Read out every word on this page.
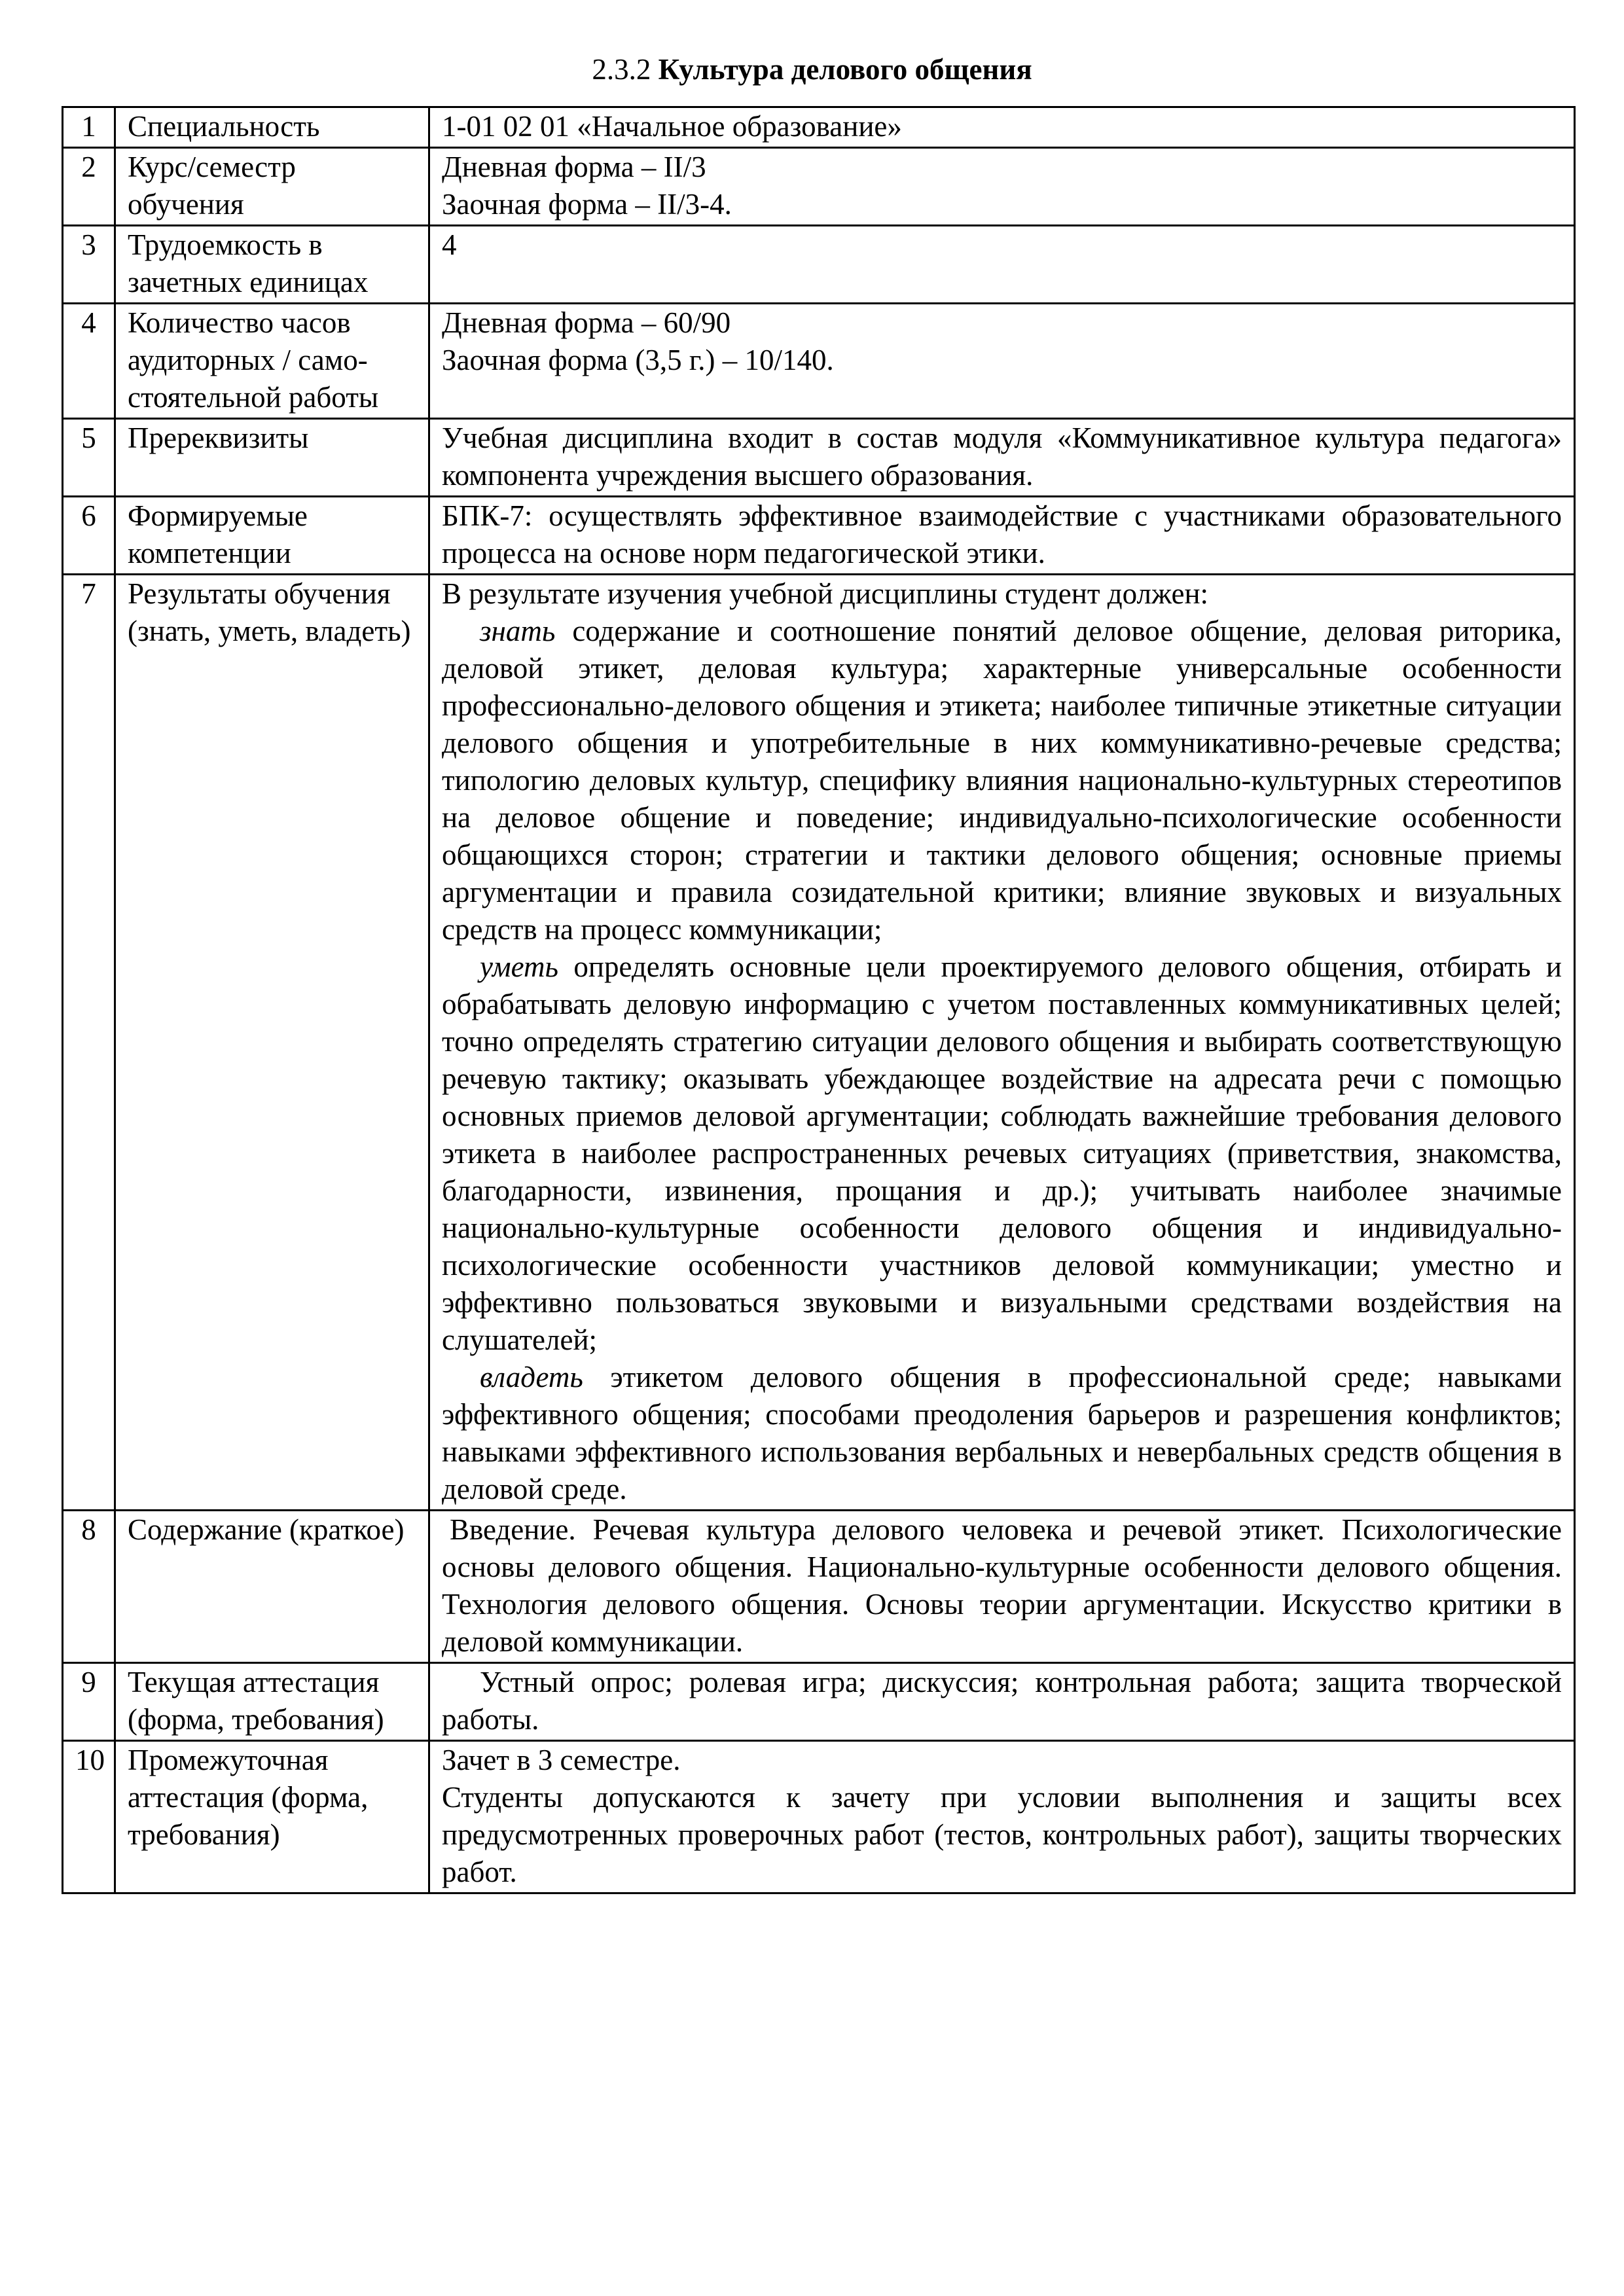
2.3.2 Культура делового общения
1	Специальность	1-01 02 01 «Начальное образование»

2	Курс/семестр обучения	Дневная форма – II/3
Заочная форма – II/3-4.

3	Трудоемкость в зачетных единицах	4

4	Количество часов аудиторных / само-стоятельной работы	Дневная форма – 60/90
Заочная форма (3,5 г.) – 10/140.

5	Пререквизиты	Учебная дисциплина входит в состав модуля «Коммуникативное культура педагога» компонента учреждения высшего образования.
6	Формируемые компетенции	БПК-7: осуществлять эффективное взаимодействие с участниками образовательного процесса на основе норм педагогической этики.
7	Результаты обучения (знать, уметь, владеть)	В результате изучения учебной дисциплины студент должен:
знать содержание и соотношение понятий деловое общение, деловая риторика, деловой этикет, деловая культура; характерные универсальные особенности профессионально-делового общения и этикета; наиболее типичные этикетные ситуации делового общения и употребительные в них коммуникативно-речевые средства; типологию деловых культур, специфику влияния национально-культурных стереотипов на деловое общение и поведение; индивидуально-психологические особенности общающихся сторон; стратегии и тактики делового общения; основные приемы аргументации и правила созидательной критики; влияние звуковых и визуальных средств на процесс коммуникации;
уметь определять основные цели проектируемого делового общения, отбирать и обрабатывать деловую информацию с учетом поставленных коммуникативных целей; точно определять стратегию ситуации делового общения и выбирать соответствующую речевую тактику; оказывать убеждающее воздействие на адресата речи с помощью основных приемов деловой аргументации; соблюдать важнейшие требования делового этикета в наиболее распространенных речевых ситуациях (приветствия, знакомства, благодарности, извинения, прощания и др.); учитывать наиболее значимые национально-культурные особенности делового общения и индивидуально-психологические особенности участников деловой коммуникации; уместно и эффективно пользоваться звуковыми и визуальными средствами воздействия на слушателей;
владеть этикетом делового общения в профессиональной среде; навыками эффективного общения; способами преодоления барьеров и разрешения конфликтов; навыками эффективного использования вербальных и невербальных средств общения в деловой среде.

8	Содержание (краткое)	Введение. Речевая культура делового человека и речевой этикет. Психологические основы делового общения. Национально-культурные особенности делового общения. Технология делового общения. Основы теории аргументации. Искусство критики в деловой коммуникации.

9	Текущая аттестация (форма, требования)	Устный опрос; ролевая игра; дискуссия; контрольная работа; защита творческой работы.

10	Промежуточная аттестация (форма, требования)	Зачет в 3 семестре.
Студенты допускаются к зачету при условии выполнения и защиты всех предусмотренных проверочных работ (тестов, контрольных работ), защиты творческих работ.
